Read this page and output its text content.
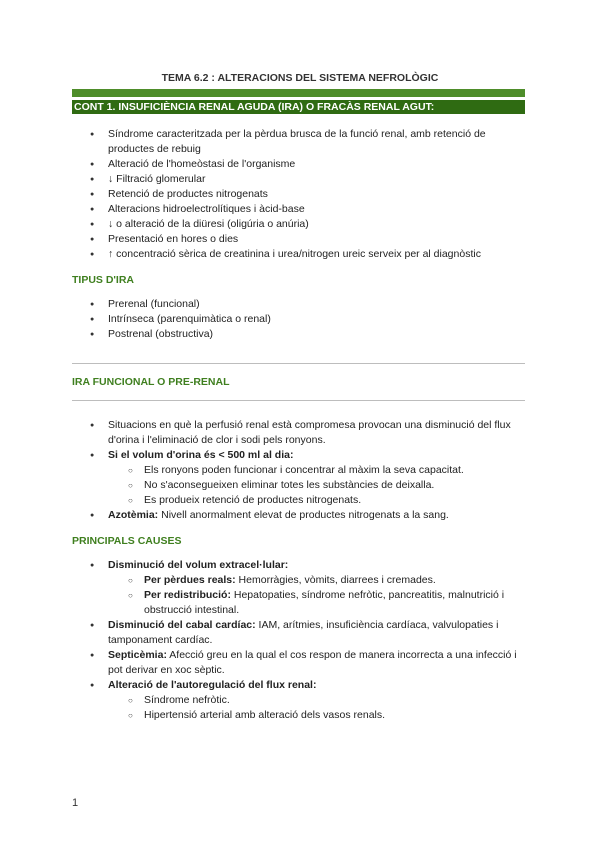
TEMA 6.2 : ALTERACIONS DEL SISTEMA NEFROLÒGIC
CONT 1. INSUFICIÈNCIA RENAL AGUDA (IRA) O FRACÀS RENAL AGUT:
● Síndrome caracteritzada per la pèrdua brusca de la funció renal, amb retenció de productes de rebuig
● Alteració de l'homeòstasi de l'organisme
● ↓ Filtració glomerular
● Retenció de productes nitrogenats
● Alteracions hidroelectrolítiques i àcid-base
● ↓ o alteració de la diüresi (oligúria o anúria)
● Presentació en hores o dies
● ↑ concentració sèrica de creatinina i urea/nitrogen ureic serveix per al diagnòstic
TIPUS D'IRA
● Prerenal (funcional)
● Intrínseca (parenquimàtica o renal)
● Postrenal (obstructiva)
IRA FUNCIONAL O PRE-RENAL
● Situacions en què la perfusió renal està compromesa provocan una disminució del flux d'orina i l'eliminació de clor i sodi pels ronyons.
● Si el volum d'orina és < 500 ml al dia:
○ Els ronyons poden funcionar i concentrar al màxim la seva capacitat.
○ No s'aconsegueixen eliminar totes les substàncies de deixalla.
○ Es produeix retenció de productes nitrogenats.
● Azotèmia: Nivell anormalment elevat de productes nitrogenats a la sang.
PRINCIPALS CAUSES
● Disminució del volum extracel·lular:
○ Per pèrdues reals: Hemorràgies, vòmits, diarrees i cremades.
○ Per redistribució: Hepatopaties, síndrome nefròtic, pancreatitis, malnutrició i obstrucció intestinal.
● Disminució del cabal cardíac: IAM, arítmies, insuficiència cardíaca, valvulopaties i tamponament cardíac.
● Septicèmia: Afecció greu en la qual el cos respon de manera incorrecta a una infecció i pot derivar en xoc sèptic.
● Alteració de l'autoregulació del flux renal:
○ Síndrome nefròtic.
○ Hipertensió arterial amb alteració dels vasos renals.
1
